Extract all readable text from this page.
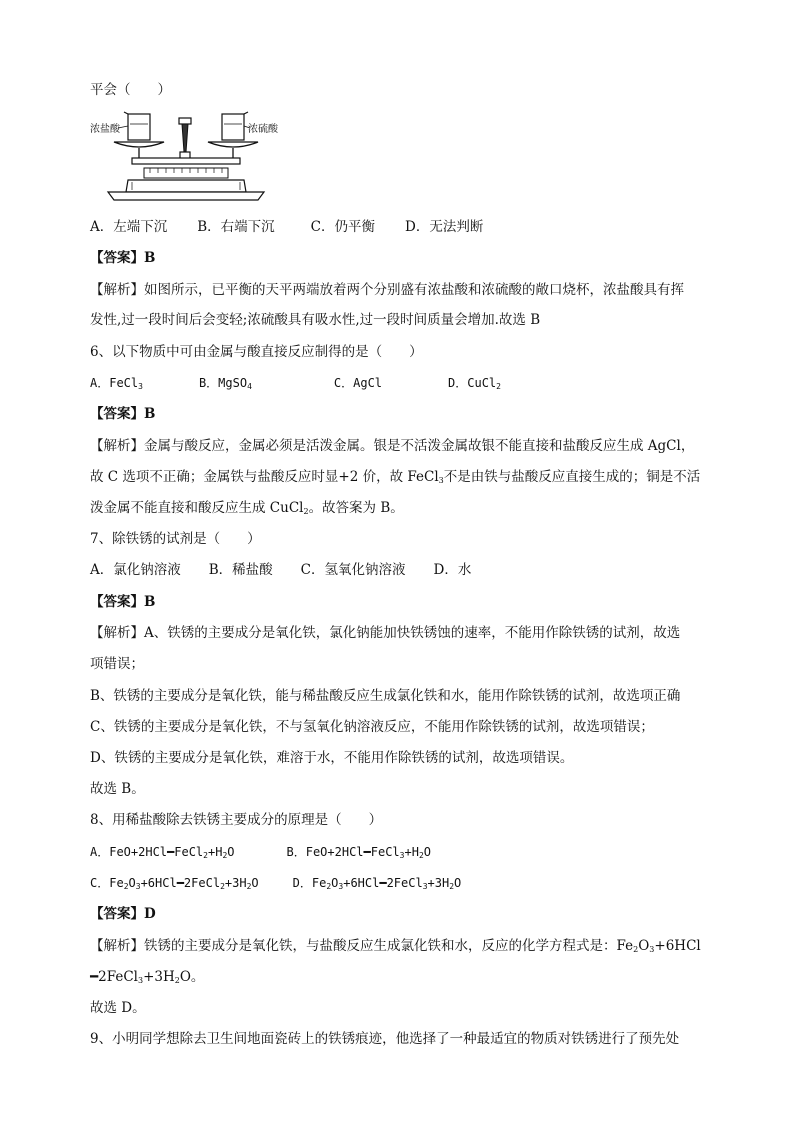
平会（　　）
浓盐酸	浓硫酸
A．左端下沉 B．右端下沉	C．仍平衡 D．无法判断
【答案】B
【解析】如图所示，已平衡的天平两端放着两个分别盛有浓盐酸和浓硫酸的敞口烧杯，浓盐酸具有挥
发性,过一段时间后会变轻;浓硫酸具有吸水性,过一段时间质量会增加.故选 B
6、以下物质中可由金属与酸直接反应制得的是（　　）
A．FeCl$_3$	B．MgSO$_4$	C．AgCl	D．CuCl$_2$
【答案】B
【解析】金属与酸反应，金属必须是活泼金属。银是不活泼金属故银不能直接和盐酸反应生成 AgCl，
故 C 选项不正确；金属铁与盐酸反应时显+2 价，故 FeCl$_3$不是由铁与盐酸反应直接生成的；铜是不活
泼金属不能直接和酸反应生成 CuCl$_2$。故答案为 B。
7、除铁锈的试剂是（　　）
A．氯化钠溶液 B．稀盐酸 C．氢氧化钠溶液 D．水
【答案】B
【解析】A、铁锈的主要成分是氧化铁，氯化钠能加快铁锈蚀的速率，不能用作除铁锈的试剂，故选
项错误；
B、铁锈的主要成分是氧化铁，能与稀盐酸反应生成氯化铁和水，能用作除铁锈的试剂，故选项正确
C、铁锈的主要成分是氧化铁，不与氢氧化钠溶液反应，不能用作除铁锈的试剂，故选项错误；
D、铁锈的主要成分是氧化铁，难溶于水，不能用作除铁锈的试剂，故选项错误。
故选 B。
8、用稀盐酸除去铁锈主要成分的原理是（　　）
A．$FeO+2HCl━FeCl_2+H_2O$	B．$FeO+2HCl━FeCl_3+H_2O$
C．$Fe_2O_3+6HCl━2FeCl_2+3H_2O$	D．$Fe_2O_3+6HCl━2FeCl_3+3H_2O$
【答案】D
【解析】铁锈的主要成分是氧化铁，与盐酸反应生成氯化铁和水，反应的化学方程式是：$Fe_2O_3+6HCl$
$━2FeCl_3+3H_2O$。
故选 D。
9、小明同学想除去卫生间地面瓷砖上的铁锈痕迹，他选择了一种最适宜的物质对铁锈进行了预先处
